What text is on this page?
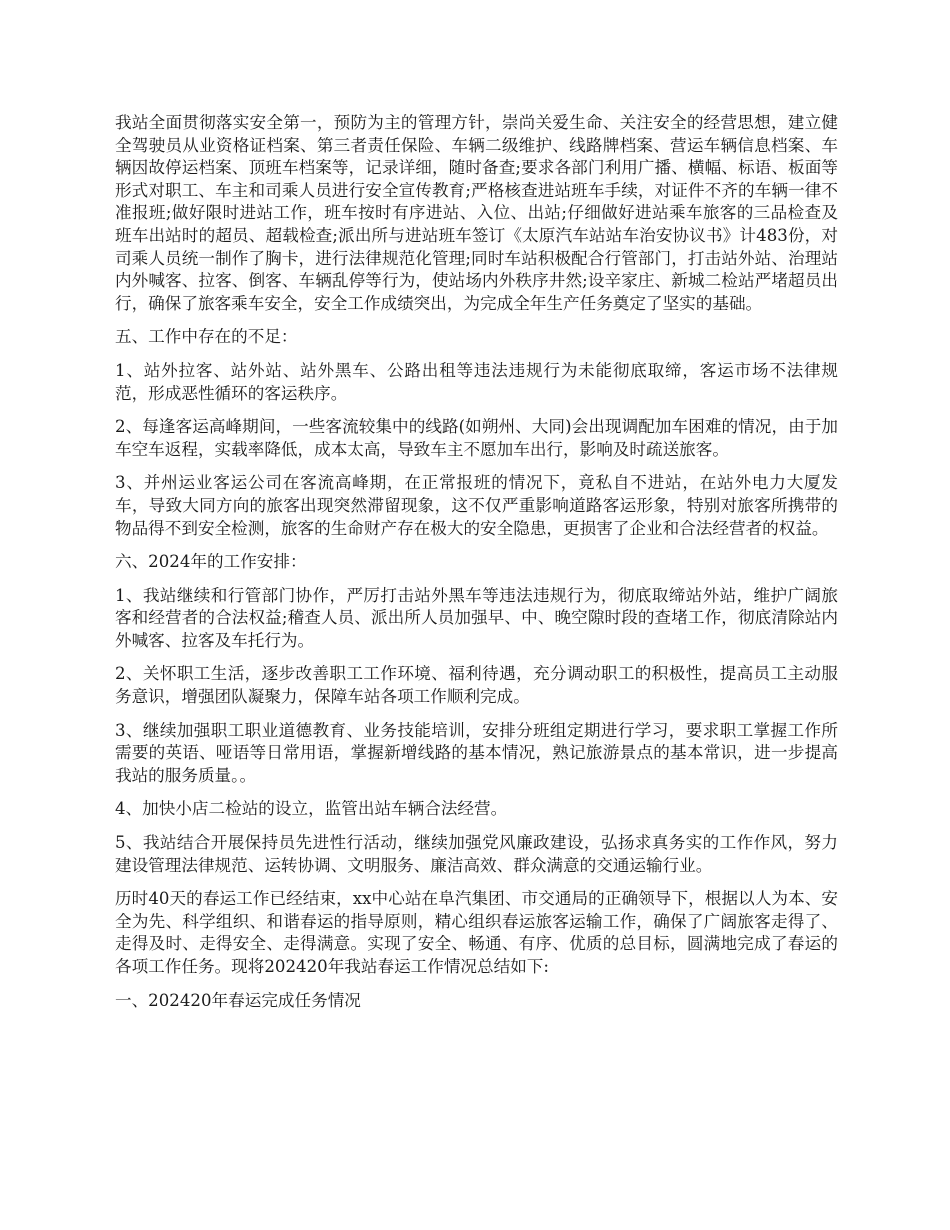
我站全面贯彻落实安全第一，预防为主的管理方针，崇尚关爱生命、关注安全的经营思想，建立健全驾驶员从业资格证档案、第三者责任保险、车辆二级维护、线路牌档案、营运车辆信息档案、车辆因故停运档案、顶班车档案等，记录详细，随时备查;要求各部门利用广播、横幅、标语、板面等形式对职工、车主和司乘人员进行安全宣传教育;严格核查进站班车手续，对证件不齐的车辆一律不准报班;做好限时进站工作，班车按时有序进站、入位、出站;仔细做好进站乘车旅客的三品检查及班车出站时的超员、超载检查;派出所与进站班车签订《太原汽车站站车治安协议书》计483份，对司乘人员统一制作了胸卡，进行法律规范化管理;同时车站积极配合行管部门，打击站外站、治理站内外喊客、拉客、倒客、车辆乱停等行为，使站场内外秩序井然;设辛家庄、新城二检站严堵超员出行，确保了旅客乘车安全，安全工作成绩突出，为完成全年生产任务奠定了坚实的基础。

五、工作中存在的不足：

1、站外拉客、站外站、站外黑车、公路出租等违法违规行为未能彻底取缔，客运市场不法律规范，形成恶性循环的客运秩序。

2、每逢客运高峰期间，一些客流较集中的线路(如朔州、大同)会出现调配加车困难的情况，由于加车空车返程，实载率降低，成本太高，导致车主不愿加车出行，影响及时疏送旅客。

3、并州运业客运公司在客流高峰期，在正常报班的情况下，竟私自不进站，在站外电力大厦发车，导致大同方向的旅客出现突然滞留现象，这不仅严重影响道路客运形象，特别对旅客所携带的物品得不到安全检测，旅客的生命财产存在极大的安全隐患，更损害了企业和合法经营者的权益。

六、2024年的工作安排：

1、我站继续和行管部门协作，严厉打击站外黑车等违法违规行为，彻底取缔站外站，维护广阔旅客和经营者的合法权益;稽查人员、派出所人员加强早、中、晚空隙时段的查堵工作，彻底清除站内外喊客、拉客及车托行为。

2、关怀职工生活，逐步改善职工工作环境、福利待遇，充分调动职工的积极性，提高员工主动服务意识，增强团队凝聚力，保障车站各项工作顺利完成。

3、继续加强职工职业道德教育、业务技能培训，安排分班组定期进行学习，要求职工掌握工作所需要的英语、哑语等日常用语，掌握新增线路的基本情况，熟记旅游景点的基本常识，进一步提高我站的服务质量。。

4、加快小店二检站的设立，监管出站车辆合法经营。

5、我站结合开展保持员先进性行活动，继续加强党风廉政建设，弘扬求真务实的工作作风，努力建设管理法律规范、运转协调、文明服务、廉洁高效、群众满意的交通运输行业。

历时40天的春运工作已经结束，xx中心站在阜汽集团、市交通局的正确领导下，根据以人为本、安全为先、科学组织、和谐春运的指导原则，精心组织春运旅客运输工作，确保了广阔旅客走得了、走得及时、走得安全、走得满意。实现了安全、畅通、有序、优质的总目标，圆满地完成了春运的各项工作任务。现将202420年我站春运工作情况总结如下:

一、202420年春运完成任务情况
